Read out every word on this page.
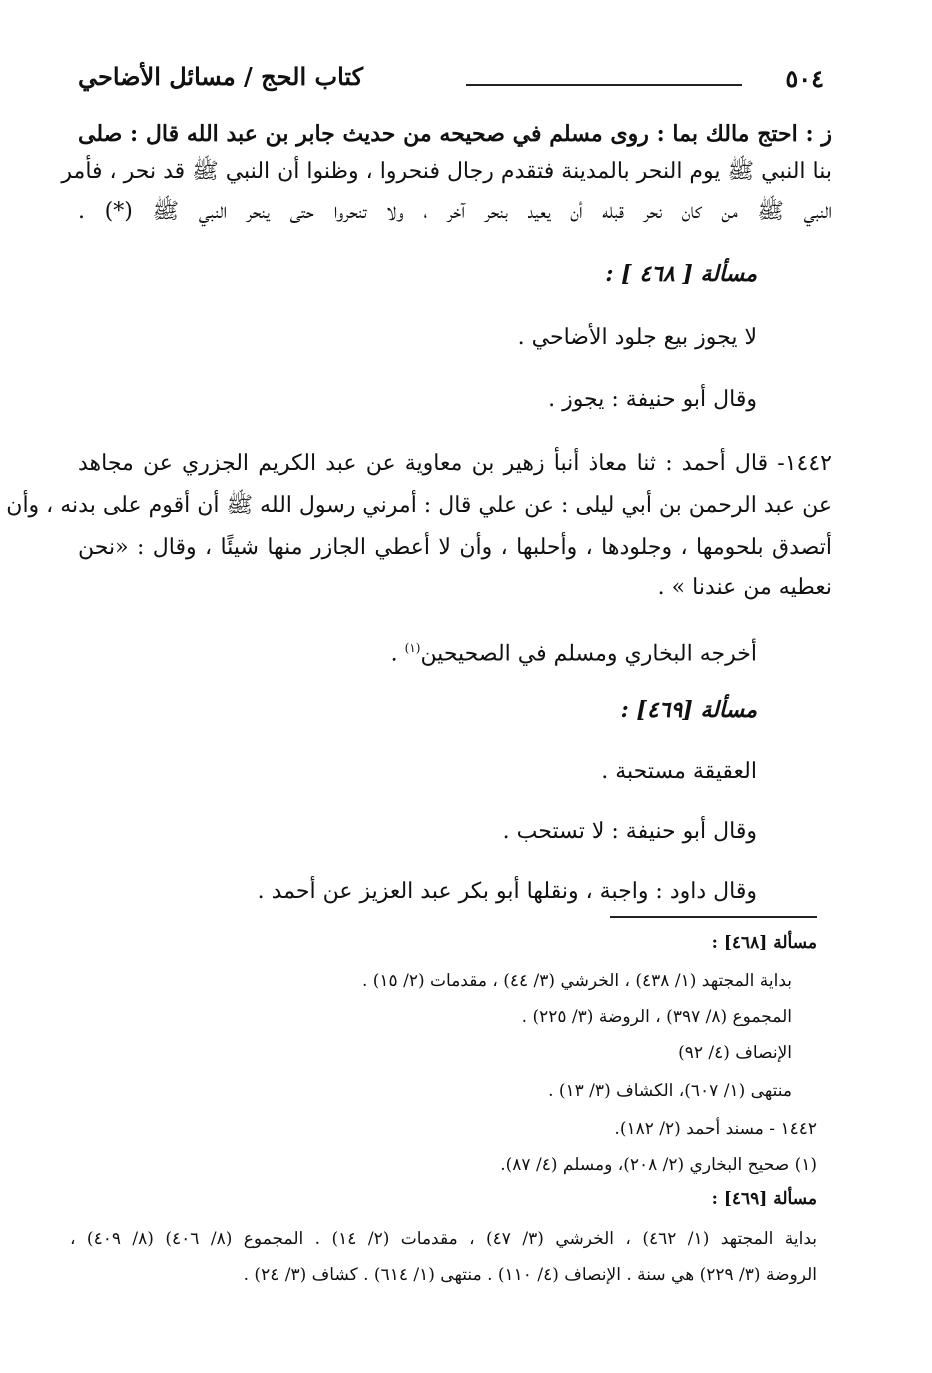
٥٠٤
كتاب الحج / مسائل الأضاحي
ز : احتج مالك بما : روى مسلم في صحيحه من حديث جابر بن عبد الله قال : صلى
بنا النبي ﷺ يوم النحر بالمدينة فتقدم رجال فنحروا ، وظنوا أن النبي ﷺ قد نحر ، فأمر
النبي ﷺ من كان نحر قبله أن يعيد بنحر آخر ، ولا تنحروا حتى ينحر النبي ﷺ (*) .
مسألة [ ٤٦٨ ] :
لا يجوز بيع جلود الأضاحي .
وقال أبو حنيفة : يجوز .
١٤٤٢- قال أحمد : ثنا معاذ أنبأ زهير بن معاوية عن عبد الكريم الجزري عن مجاهد
عن عبد الرحمن بن أبي ليلى : عن علي قال : أمرني رسول الله ﷺ أن أقوم على بدنه ، وأن
أتصدق بلحومها ، وجلودها ، وأحلبها ، وأن لا أعطي الجازر منها شيئًا ، وقال : «نحن
نعطيه من عندنا » .
أخرجه البخاري ومسلم في الصحيحين$^{(١)}$ .
مسألة [٤٦٩] :
العقيقة مستحبة .
وقال أبو حنيفة : لا تستحب .
وقال داود : واجبة ، ونقلها أبو بكر عبد العزيز عن أحمد .
مسألة [٤٦٨] :
بداية المجتهد (١/ ٤٣٨) ، الخرشي (٣/ ٤٤) ، مقدمات (٢/ ١٥) .
المجموع (٨/ ٣٩٧) ، الروضة (٣/ ٢٢٥) .
الإنصاف (٤/ ٩٢)
منتهى (١/ ٦٠٧)، الكشاف (٣/ ١٣) .
١٤٤٢ - مسند أحمد (٢/ ١٨٢).
(١) صحيح البخاري (٢/ ٢٠٨)، ومسلم (٤/ ٨٧).
مسألة [٤٦٩] :
بداية المجتهد (١/ ٤٦٢) ، الخرشي (٣/ ٤٧) ، مقدمات (٢/ ١٤) . المجموع (٨/ ٤٠٦) (٨/ ٤٠٩) ،
الروضة (٣/ ٢٢٩) هي سنة . الإنصاف (٤/ ١١٠) . منتهى (١/ ٦١٤) . كشاف (٣/ ٢٤) .
